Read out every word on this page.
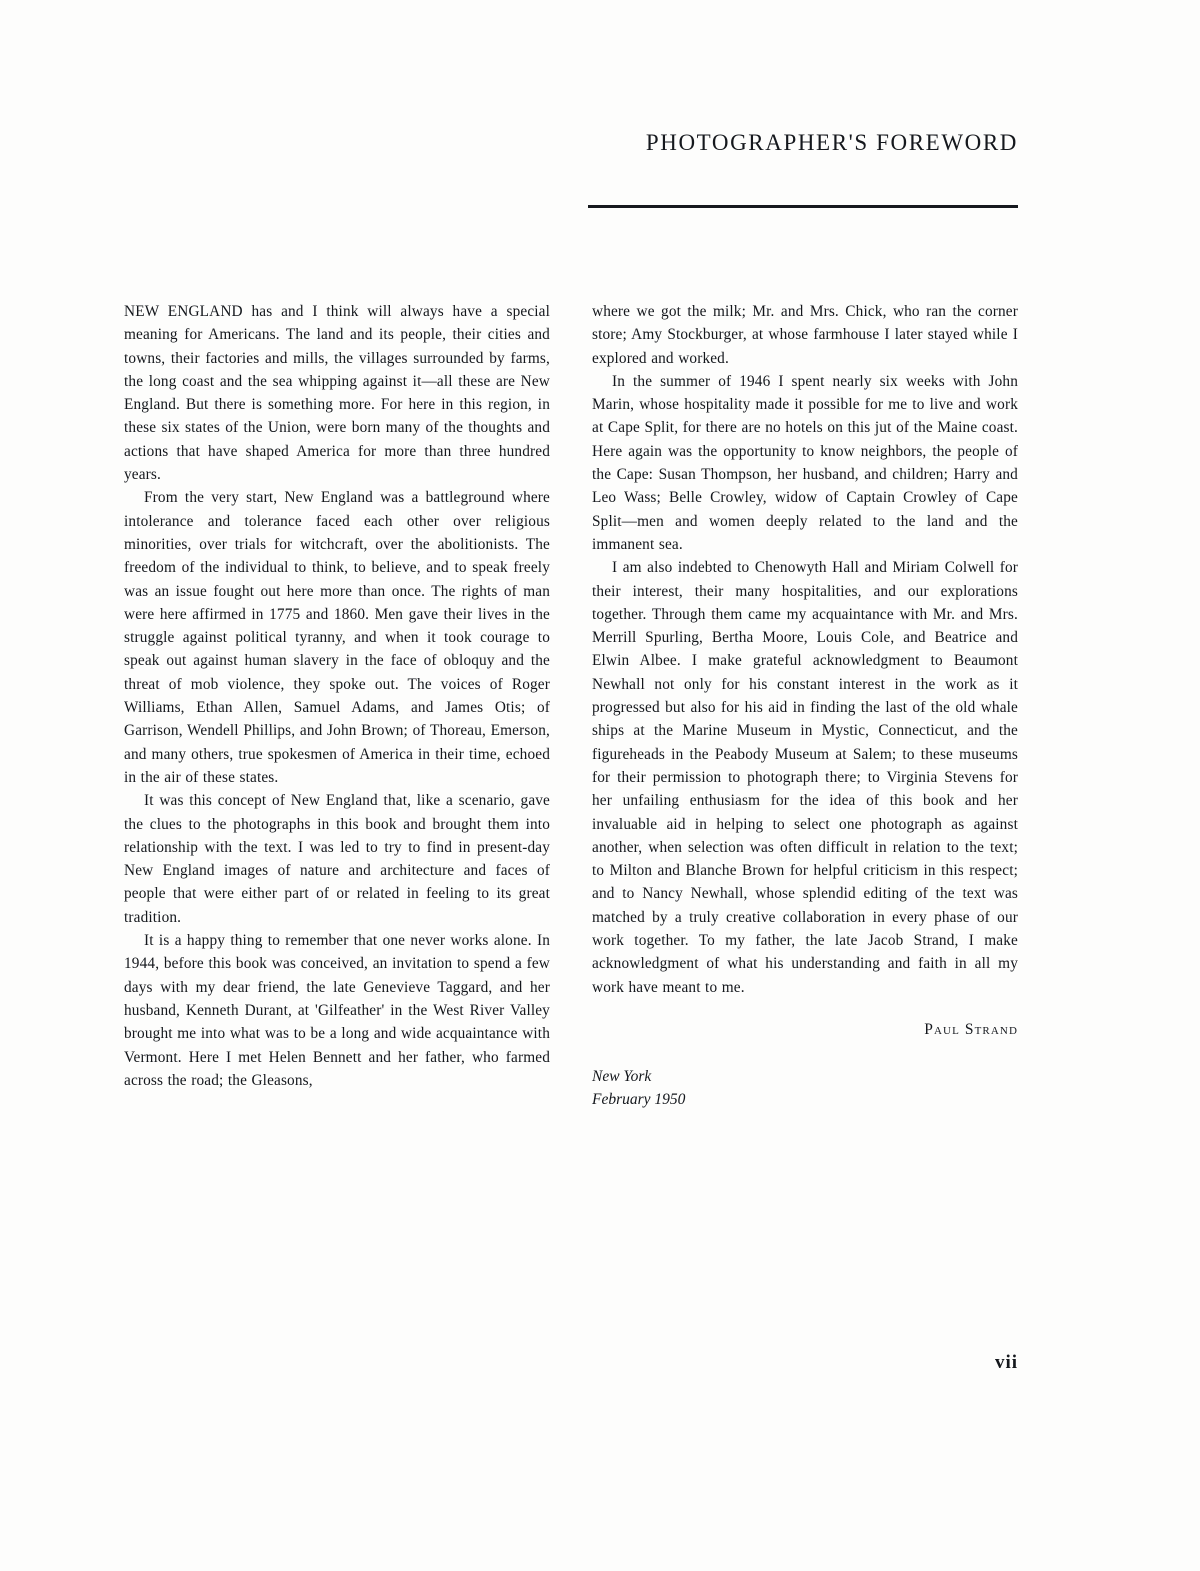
PHOTOGRAPHER'S FOREWORD

NEW ENGLAND has and I think will always have a special meaning for Americans. The land and its people, their cities and towns, their factories and mills, the villages surrounded by farms, the long coast and the sea whipping against it—all these are New England. But there is something more. For here in this region, in these six states of the Union, were born many of the thoughts and actions that have shaped America for more than three hundred years.

From the very start, New England was a battleground where intolerance and tolerance faced each other over religious minorities, over trials for witchcraft, over the abolitionists. The freedom of the individual to think, to believe, and to speak freely was an issue fought out here more than once. The rights of man were here affirmed in 1775 and 1860. Men gave their lives in the struggle against political tyranny, and when it took courage to speak out against human slavery in the face of obloquy and the threat of mob violence, they spoke out. The voices of Roger Williams, Ethan Allen, Samuel Adams, and James Otis; of Garrison, Wendell Phillips, and John Brown; of Thoreau, Emerson, and many others, true spokesmen of America in their time, echoed in the air of these states.

It was this concept of New England that, like a scenario, gave the clues to the photographs in this book and brought them into relationship with the text. I was led to try to find in present-day New England images of nature and architecture and faces of people that were either part of or related in feeling to its great tradition.

It is a happy thing to remember that one never works alone. In 1944, before this book was conceived, an invitation to spend a few days with my dear friend, the late Genevieve Taggard, and her husband, Kenneth Durant, at 'Gilfeather' in the West River Valley brought me into what was to be a long and wide acquaintance with Vermont. Here I met Helen Bennett and her father, who farmed across the road; the Gleasons,

where we got the milk; Mr. and Mrs. Chick, who ran the corner store; Amy Stockburger, at whose farmhouse I later stayed while I explored and worked.

In the summer of 1946 I spent nearly six weeks with John Marin, whose hospitality made it possible for me to live and work at Cape Split, for there are no hotels on this jut of the Maine coast. Here again was the opportunity to know neighbors, the people of the Cape: Susan Thompson, her husband, and children; Harry and Leo Wass; Belle Crowley, widow of Captain Crowley of Cape Split—men and women deeply related to the land and the immanent sea.

I am also indebted to Chenowyth Hall and Miriam Colwell for their interest, their many hospitalities, and our explorations together. Through them came my acquaintance with Mr. and Mrs. Merrill Spurling, Bertha Moore, Louis Cole, and Beatrice and Elwin Albee. I make grateful acknowledgment to Beaumont Newhall not only for his constant interest in the work as it progressed but also for his aid in finding the last of the old whale ships at the Marine Museum in Mystic, Connecticut, and the figureheads in the Peabody Museum at Salem; to these museums for their permission to photograph there; to Virginia Stevens for her unfailing enthusiasm for the idea of this book and her invaluable aid in helping to select one photograph as against another, when selection was often difficult in relation to the text; to Milton and Blanche Brown for helpful criticism in this respect; and to Nancy Newhall, whose splendid editing of the text was matched by a truly creative collaboration in every phase of our work together. To my father, the late Jacob Strand, I make acknowledgment of what his understanding and faith in all my work have meant to me.

Paul Strand
New York
February 1950
vii
